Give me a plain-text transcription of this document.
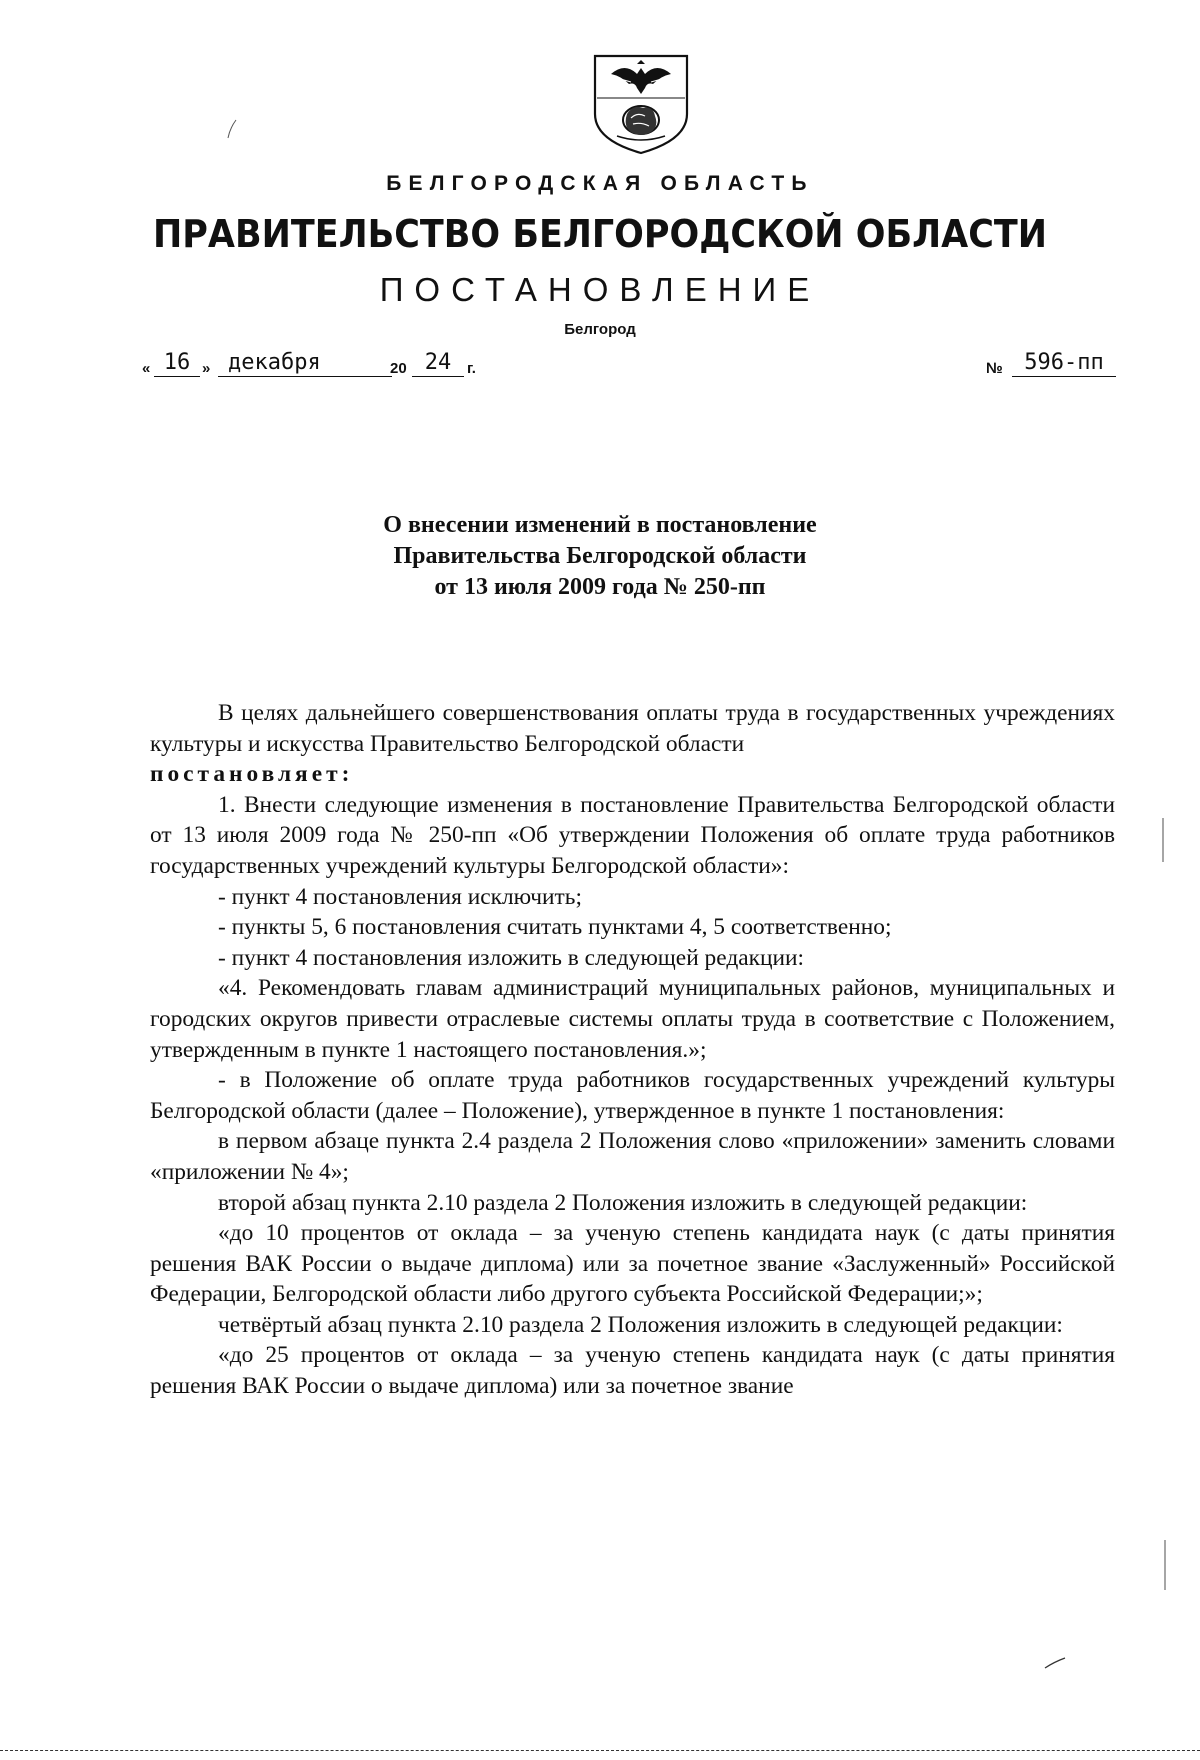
БЕЛГОРОДСКАЯ ОБЛАСТЬ
ПРАВИТЕЛЬСТВО БЕЛГОРОДСКОЙ ОБЛАСТИ
ПОСТАНОВЛЕНИЕ
Белгород
« 16 » декабря	20 24	г.	№ 596-пп
О внесении изменений в постановление
Правительства Белгородской области
от 13 июля 2009 года № 250-пп

В целях дальнейшего совершенствования оплаты труда в государственных учреждениях культуры и искусства Правительство Белгородской области

постановляет:

1. Внести следующие изменения в постановление Правительства Белгородской области от 13 июля 2009 года № 250-пп «Об утверждении Положения об оплате труда работников государственных учреждений культуры Белгородской области»:

- пункт 4 постановления исключить;

- пункты 5, 6 постановления считать пунктами 4, 5 соответственно;

- пункт 4 постановления изложить в следующей редакции:

«4. Рекомендовать главам администраций муниципальных районов, муниципальных и городских округов привести отраслевые системы оплаты труда в соответствие с Положением, утвержденным в пункте 1 настоящего постановления.»;

- в Положение об оплате труда работников государственных учреждений культуры Белгородской области (далее – Положение), утвержденное в пункте 1 постановления:

в первом абзаце пункта 2.4 раздела 2 Положения слово «приложении» заменить словами «приложении № 4»;

второй абзац пункта 2.10 раздела 2 Положения изложить в следующей редакции:

«до 10 процентов от оклада – за ученую степень кандидата наук (с даты принятия решения ВАК России о выдаче диплома) или за почетное звание «Заслуженный» Российской Федерации, Белгородской области либо другого субъекта Российской Федерации;»;

четвёртый абзац пункта 2.10 раздела 2 Положения изложить в следующей редакции:

«до 25 процентов от оклада – за ученую степень кандидата наук (с даты принятия решения ВАК России о выдаче диплома) или за почетное звание
